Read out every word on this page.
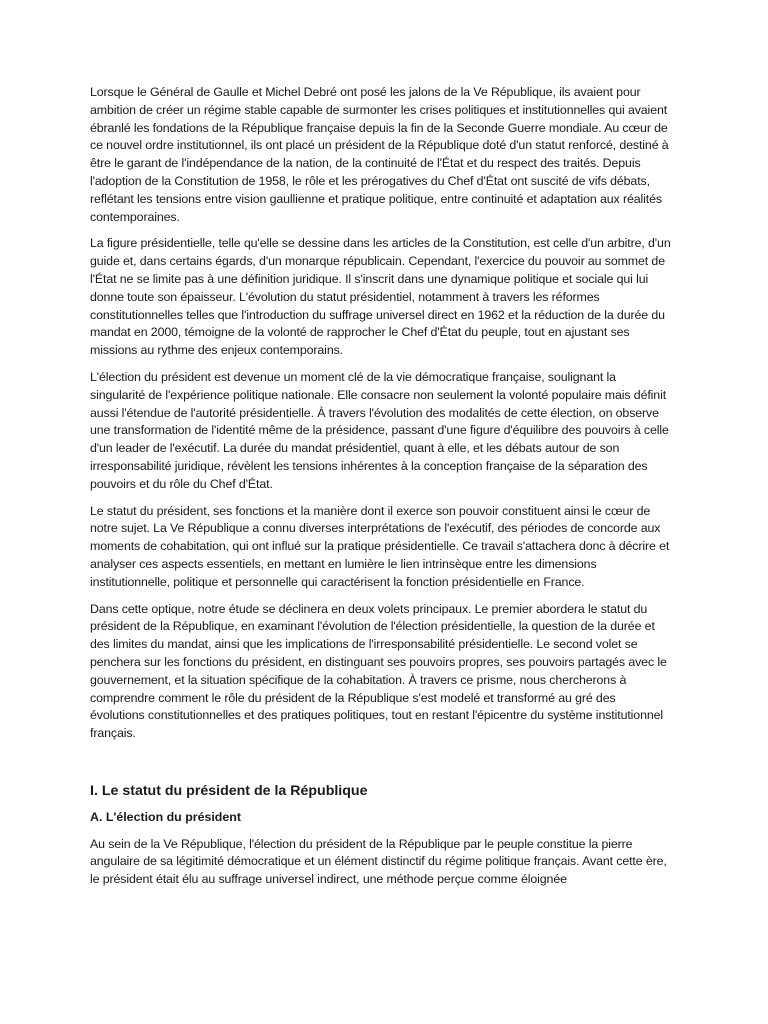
Lorsque le Général de Gaulle et Michel Debré ont posé les jalons de la Ve République, ils avaient pour ambition de créer un régime stable capable de surmonter les crises politiques et institutionnelles qui avaient ébranlé les fondations de la République française depuis la fin de la Seconde Guerre mondiale. Au cœur de ce nouvel ordre institutionnel, ils ont placé un président de la République doté d'un statut renforcé, destiné à être le garant de l'indépendance de la nation, de la continuité de l'État et du respect des traités. Depuis l'adoption de la Constitution de 1958, le rôle et les prérogatives du Chef d'État ont suscité de vifs débats, reflétant les tensions entre vision gaullienne et pratique politique, entre continuité et adaptation aux réalités contemporaines.

La figure présidentielle, telle qu'elle se dessine dans les articles de la Constitution, est celle d'un arbitre, d'un guide et, dans certains égards, d'un monarque républicain. Cependant, l'exercice du pouvoir au sommet de l'État ne se limite pas à une définition juridique. Il s'inscrit dans une dynamique politique et sociale qui lui donne toute son épaisseur. L'évolution du statut présidentiel, notamment à travers les réformes constitutionnelles telles que l'introduction du suffrage universel direct en 1962 et la réduction de la durée du mandat en 2000, témoigne de la volonté de rapprocher le Chef d'État du peuple, tout en ajustant ses missions au rythme des enjeux contemporains.

L'élection du président est devenue un moment clé de la vie démocratique française, soulignant la singularité de l'expérience politique nationale. Elle consacre non seulement la volonté populaire mais définit aussi l'étendue de l'autorité présidentielle. À travers l'évolution des modalités de cette élection, on observe une transformation de l'identité même de la présidence, passant d'une figure d'équilibre des pouvoirs à celle d'un leader de l'exécutif. La durée du mandat présidentiel, quant à elle, et les débats autour de son irresponsabilité juridique, révèlent les tensions inhérentes à la conception française de la séparation des pouvoirs et du rôle du Chef d'État.

Le statut du président, ses fonctions et la manière dont il exerce son pouvoir constituent ainsi le cœur de notre sujet. La Ve République a connu diverses interprétations de l'exécutif, des périodes de concorde aux moments de cohabitation, qui ont influé sur la pratique présidentielle. Ce travail s'attachera donc à décrire et analyser ces aspects essentiels, en mettant en lumière le lien intrinsèque entre les dimensions institutionnelle, politique et personnelle qui caractérisent la fonction présidentielle en France.

Dans cette optique, notre étude se déclinera en deux volets principaux. Le premier abordera le statut du président de la République, en examinant l'évolution de l'élection présidentielle, la question de la durée et des limites du mandat, ainsi que les implications de l'irresponsabilité présidentielle. Le second volet se penchera sur les fonctions du président, en distinguant ses pouvoirs propres, ses pouvoirs partagés avec le gouvernement, et la situation spécifique de la cohabitation. À travers ce prisme, nous chercherons à comprendre comment le rôle du président de la République s'est modelé et transformé au gré des évolutions constitutionnelles et des pratiques politiques, tout en restant l'épicentre du système institutionnel français.

I. Le statut du président de la République
A. L'élection du président

Au sein de la Ve République, l'élection du président de la République par le peuple constitue la pierre angulaire de sa légitimité démocratique et un élément distinctif du régime politique français. Avant cette ère, le président était élu au suffrage universel indirect, une méthode perçue comme éloignée
